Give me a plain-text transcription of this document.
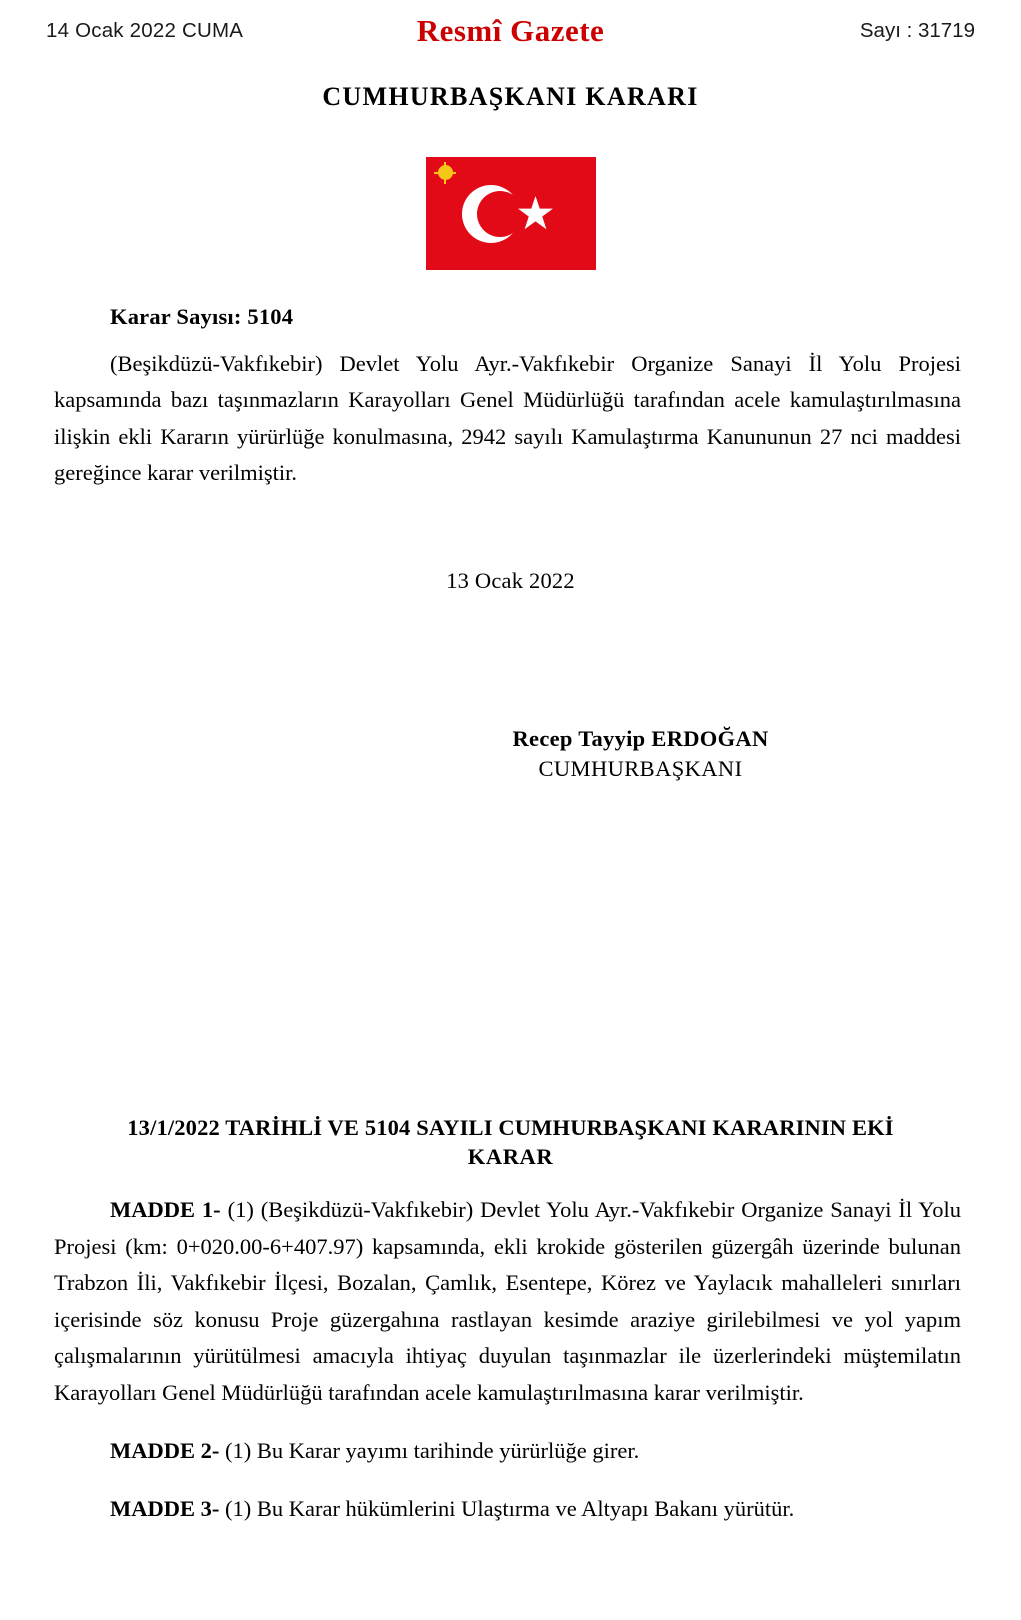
14 Ocak 2022 CUMA	Resmî Gazete	Sayı : 31719
CUMHURBAŞKANI KARARI
Karar Sayısı: 5104
(Beşikdüzü-Vakfıkebir) Devlet Yolu Ayr.-Vakfıkebir Organize Sanayi İl Yolu Projesi kapsamında bazı taşınmazların Karayolları Genel Müdürlüğü tarafından acele kamulaştırılmasına ilişkin ekli Kararın yürürlüğe konulmasına, 2942 sayılı Kamulaştırma Kanununun 27 nci maddesi gereğince karar verilmiştir.
13 Ocak 2022
Recep Tayyip ERDOĞAN
CUMHURBAŞKANI
13/1/2022 TARİHLİ VE 5104 SAYILI CUMHURBAŞKANI KARARININ EKİ
KARAR
MADDE 1- (1) (Beşikdüzü-Vakfıkebir) Devlet Yolu Ayr.-Vakfıkebir Organize Sanayi İl Yolu Projesi (km: 0+020.00-6+407.97) kapsamında, ekli krokide gösterilen güzergâh üzerinde bulunan Trabzon İli, Vakfıkebir İlçesi, Bozalan, Çamlık, Esentepe, Körez ve Yaylacık mahalleleri sınırları içerisinde söz konusu Proje güzergahına rastlayan kesimde araziye girilebilmesi ve yol yapım çalışmalarının yürütülmesi amacıyla ihtiyaç duyulan taşınmazlar ile üzerlerindeki müştemilatın Karayolları Genel Müdürlüğü tarafından acele kamulaştırılmasına karar verilmiştir.
MADDE 2- (1) Bu Karar yayımı tarihinde yürürlüğe girer.
MADDE 3- (1) Bu Karar hükümlerini Ulaştırma ve Altyapı Bakanı yürütür.
